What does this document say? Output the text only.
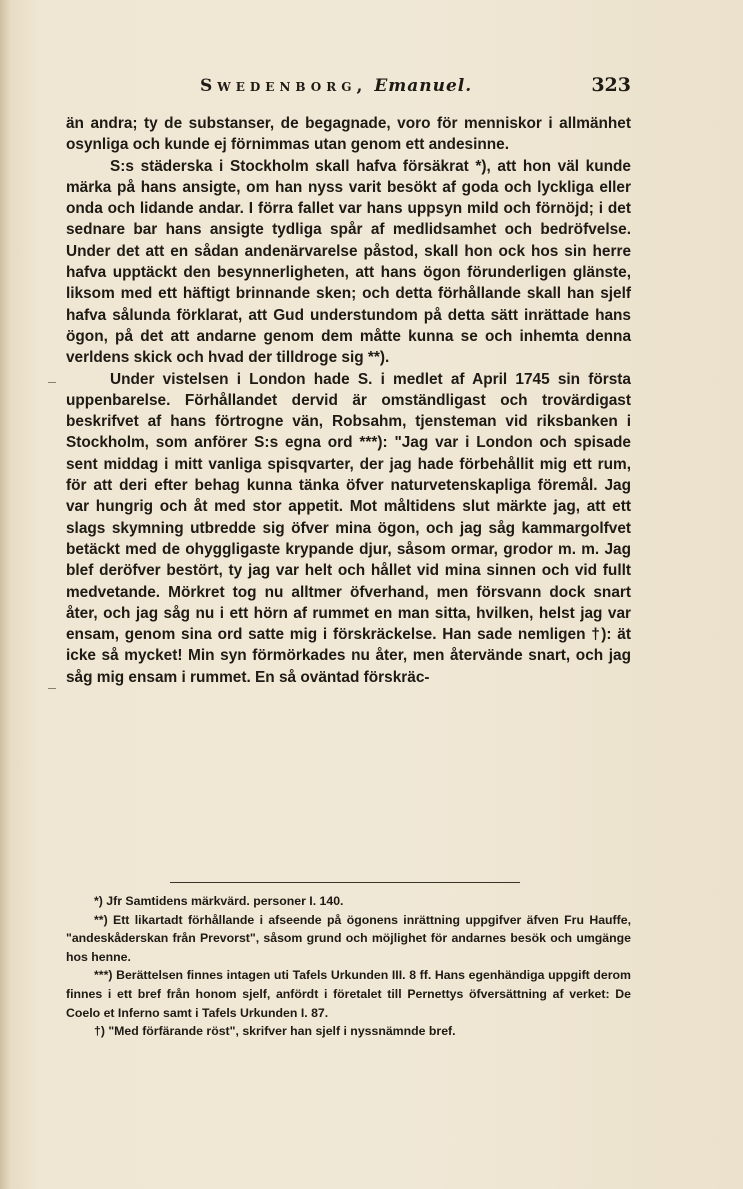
Swedenborg, Emanuel.	323

än andra; ty de substanser, de begagnade, voro för menniskor i allmänhet osynliga och kunde ej förnimmas utan genom ett andesinne.

S:s städerska i Stockholm skall hafva försäkrat *), att hon väl kunde märka på hans ansigte, om han nyss varit besökt af goda och lyckliga eller onda och lidande andar. I förra fallet var hans uppsyn mild och förnöjd; i det sednare bar hans ansigte tydliga spår af medlidsamhet och bedröfvelse. Under det att en sådan andenärvarelse påstod, skall hon ock hos sin herre hafva upptäckt den besynnerligheten, att hans ögon förunderligen glänste, liksom med ett häftigt brinnande sken; och detta förhållande skall han sjelf hafva sålunda förklarat, att Gud understundom på detta sätt inrättade hans ögon, på det att andarne genom dem måtte kunna se och inhemta denna verldens skick och hvad der tilldroge sig **).

Under vistelsen i London hade S. i medlet af April 1745 sin första uppenbarelse. Förhållandet dervid är omständligast och trovärdigast beskrifvet af hans förtrogne vän, Robsahm, tjensteman vid riksbanken i Stockholm, som anförer S:s egna ord ***): "Jag var i London och spisade sent middag i mitt vanliga spisqvarter, der jag hade förbehållit mig ett rum, för att deri efter behag kunna tänka öfver naturvetenskapliga föremål. Jag var hungrig och åt med stor appetit. Mot måltidens slut märkte jag, att ett slags skymning utbredde sig öfver mina ögon, och jag såg kammargolfvet betäckt med de ohyggligaste krypande djur, såsom ormar, grodor m. m. Jag blef deröfver bestört, ty jag var helt och hållet vid mina sinnen och vid fullt medvetande. Mörkret tog nu alltmer öfverhand, men försvann dock snart åter, och jag såg nu i ett hörn af rummet en man sitta, hvilken, helst jag var ensam, genom sina ord satte mig i förskräckelse. Han sade nemligen †): ät icke så mycket! Min syn förmörkades nu åter, men återvände snart, och jag såg mig ensam i rummet. En så oväntad förskräc-

*) Jfr Samtidens märkvärd. personer I. 140.

**) Ett likartadt förhållande i afseende på ögonens inrättning uppgifver äfven Fru Hauffe, "andeskåderskan från Prevorst", såsom grund och möjlighet för andarnes besök och umgänge hos henne.

***) Berättelsen finnes intagen uti Tafels Urkunden III. 8 ff. Hans egenhändiga uppgift derom finnes i ett bref från honom sjelf, anfördt i företalet till Pernettys öfversättning af verket: De Coelo et Inferno samt i Tafels Urkunden I. 87.

†) "Med förfärande röst", skrifver han sjelf i nyssnämnde bref.
